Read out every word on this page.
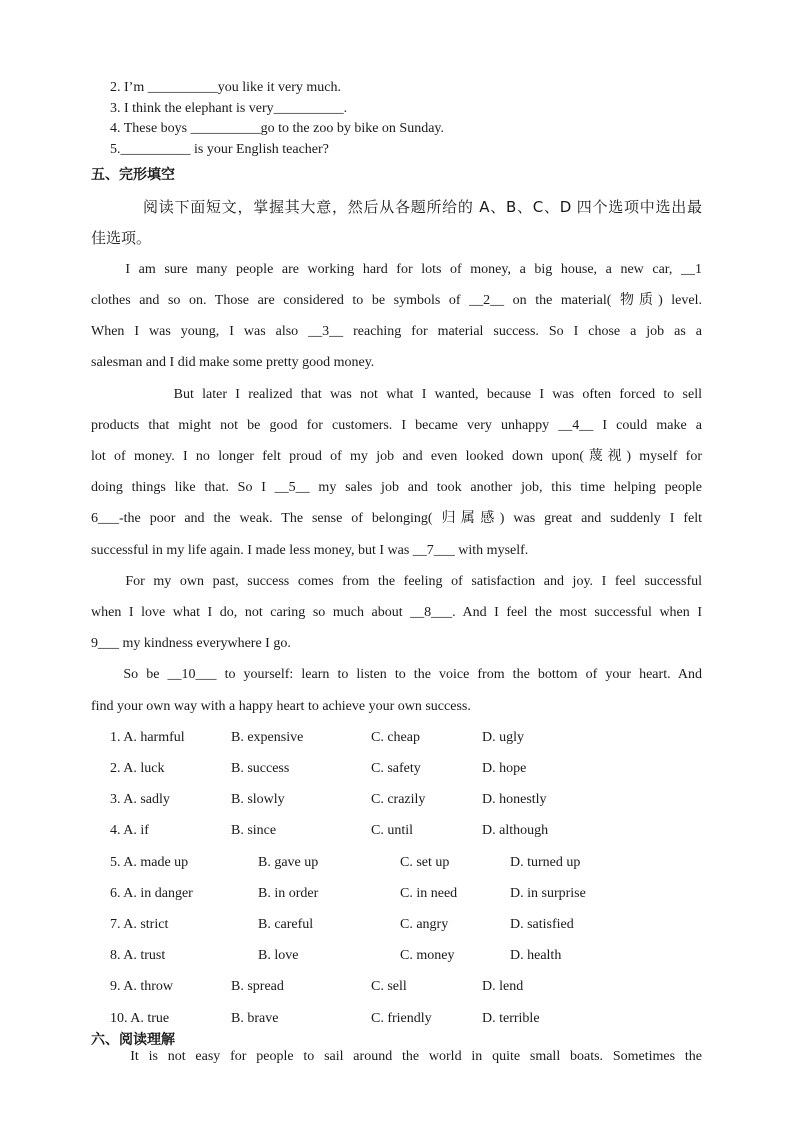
2. I’m __________you like it very much.
3. I think the elephant is very__________.
4. These boys __________go to the zoo by bike on Sunday.
5.__________ is your English teacher?
五、完形填空
阅读下面短文，掌握其大意，然后从各题所给的 A、B、C、D 四个选项中选出最
佳选项。
I am sure many people are working hard for lots of money, a big house, a new car, __1
clothes and so on. Those are considered to be symbols of __2__ on the material( 物质) level.
When I was young, I was also __3__ reaching for material success. So I chose a job as a
salesman and I did make some pretty good money.
But later I realized that was not what I wanted, because I was often forced to sell
products that might not be good for customers. I became very unhappy __4__ I could make a
lot of money. I no longer felt proud of my job and even looked down upon(蔑视) myself for
doing things like that. So I __5__ my sales job and took another job, this time helping people
6___-the poor and the weak. The sense of belonging( 归属感) was great and suddenly I felt
successful in my life again. I made less money, but I was __7___ with myself.
For my own past, success comes from the feeling of satisfaction and joy. I feel successful
when I love what I do, not caring so much about __8___. And I feel the most successful when I
9___ my kindness everywhere I go.
So be __10___ to yourself: learn to listen to the voice from the bottom of your heart. And
find your own way with a happy heart to achieve your own success.
1. A. harmful	B. expensive	C. cheap	D. ugly
2. A. luck	B. success	C. safety	D. hope
3. A. sadly	B. slowly	C. crazily	D. honestly
4. A. if	B. since	C. until	D. although
5. A. made up	B. gave up	C. set up	D. turned up
6. A. in danger	B. in order	C. in need	D. in surprise
7. A. strict	B. careful	C. angry	D. satisfied
8. A. trust	B. love	C. money	D. health
9. A. throw	B. spread	C. sell	D. lend
10. A. true	B. brave	C. friendly	D. terrible
六、阅读理解
It is not easy for people to sail around the world in quite small boats. Sometimes the
